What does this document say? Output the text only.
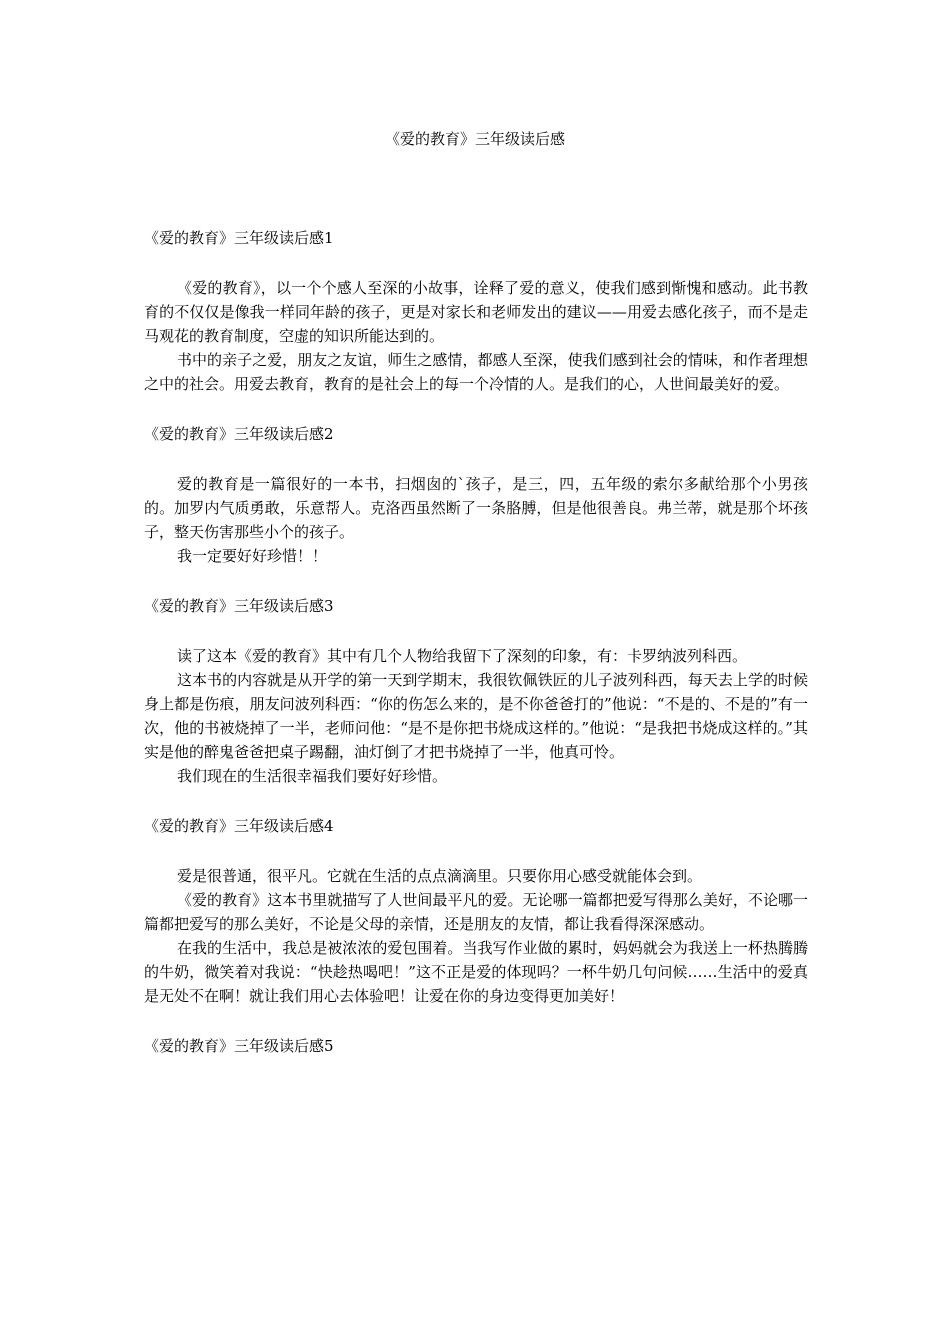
《爱的教育》三年级读后感

《爱的教育》三年级读后感1

《爱的教育》，以一个个感人至深的小故事，诠释了爱的意义，使我们感到惭愧和感动。此书教育的不仅仅是像我一样同年龄的孩子，更是对家长和老师发出的建议——用爱去感化孩子，而不是走马观花的教育制度，空虚的知识所能达到的。

书中的亲子之爱，朋友之友谊，师生之感情，都感人至深，使我们感到社会的情味，和作者理想之中的社会。用爱去教育，教育的是社会上的每一个冷情的人。是我们的心，人世间最美好的爱。

《爱的教育》三年级读后感2

爱的教育是一篇很好的一本书，扫烟囱的`孩子，是三，四，五年级的索尔多献给那个小男孩的。加罗内气质勇敢，乐意帮人。克洛西虽然断了一条胳膊，但是他很善良。弗兰蒂，就是那个坏孩子，整天伤害那些小个的孩子。

我一定要好好珍惜！！

《爱的教育》三年级读后感3

读了这本《爱的教育》其中有几个人物给我留下了深刻的印象，有：卡罗纳波列科西。

这本书的内容就是从开学的第一天到学期末，我很钦佩铁匠的儿子波列科西，每天去上学的时候身上都是伤痕，朋友问波列科西：“你的伤怎么来的，是不你爸爸打的”他说：“不是的、不是的”有一次，他的书被烧掉了一半，老师问他：“是不是你把书烧成这样的。”他说：“是我把书烧成这样的。”其实是他的醉鬼爸爸把桌子踢翻，油灯倒了才把书烧掉了一半，他真可怜。

我们现在的生活很幸福我们要好好珍惜。

《爱的教育》三年级读后感4

爱是很普通，很平凡。它就在生活的点点滴滴里。只要你用心感受就能体会到。

《爱的教育》这本书里就描写了人世间最平凡的爱。无论哪一篇都把爱写得那么美好，不论哪一篇都把爱写的那么美好，不论是父母的亲情，还是朋友的友情，都让我看得深深感动。

在我的生活中，我总是被浓浓的爱包围着。当我写作业做的累时，妈妈就会为我送上一杯热腾腾的牛奶，微笑着对我说：“快趁热喝吧！”这不正是爱的体现吗？一杯牛奶几句问候……生活中的爱真是无处不在啊！就让我们用心去体验吧！让爱在你的身边变得更加美好！

《爱的教育》三年级读后感5
